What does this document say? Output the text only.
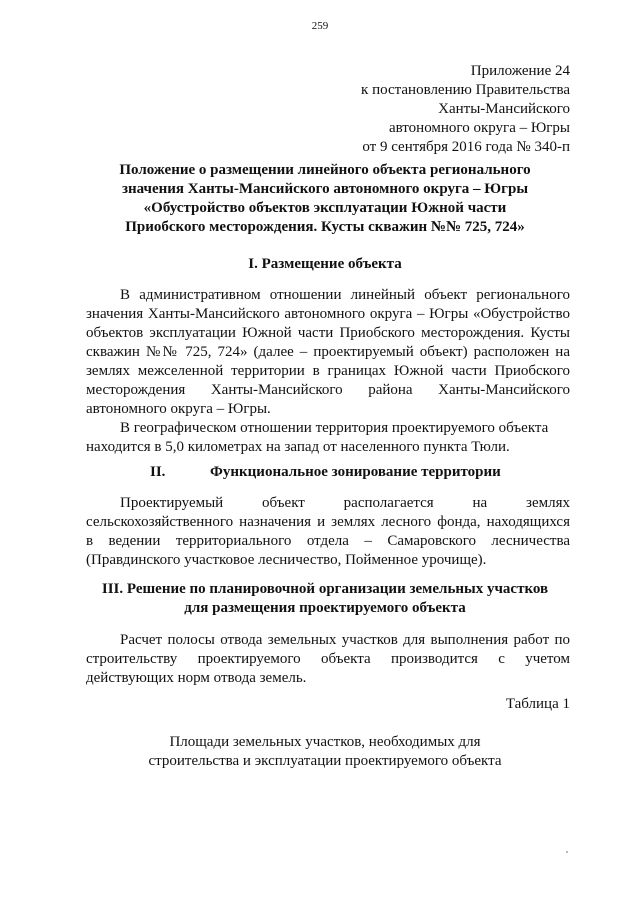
259
Приложение 24
к постановлению Правительства
Ханты-Мансийского
автономного округа – Югры
от 9 сентября 2016 года № 340-п
Положение о размещении линейного объекта регионального
значения Ханты-Мансийского автономного округа – Югры
«Обустройство объектов эксплуатации Южной части
Приобского месторождения. Кусты скважин №№ 725, 724»
I. Размещение объекта
В административном отношении линейный объект регионального
значения Ханты-Мансийского автономного округа – Югры «Обустройство
объектов эксплуатации Южной части Приобского месторождения. Кусты
скважин №№ 725, 724» (далее – проектируемый объект) расположен на
землях межселенной территории в границах Южной части Приобского
месторождения Ханты-Мансийского района Ханты-Мансийского
автономного округа – Югры.
В географическом отношении территория проектируемого объекта
находится в 5,0 километрах на запад от населенного пункта Тюли.
II.	Функциональное зонирование территории
Проектируемый объект располагается на землях
сельскохозяйственного назначения и землях лесного фонда, находящихся
в ведении территориального отдела – Самаровского лесничества
(Правдинского участковое лесничество, Пойменное урочище).
III. Решение по планировочной организации земельных участков
для размещения проектируемого объекта
Расчет полосы отвода земельных участков для выполнения работ по
строительству проектируемого объекта производится с учетом
действующих норм отвода земель.
Таблица 1
Площади земельных участков, необходимых для
строительства и эксплуатации проектируемого объекта
